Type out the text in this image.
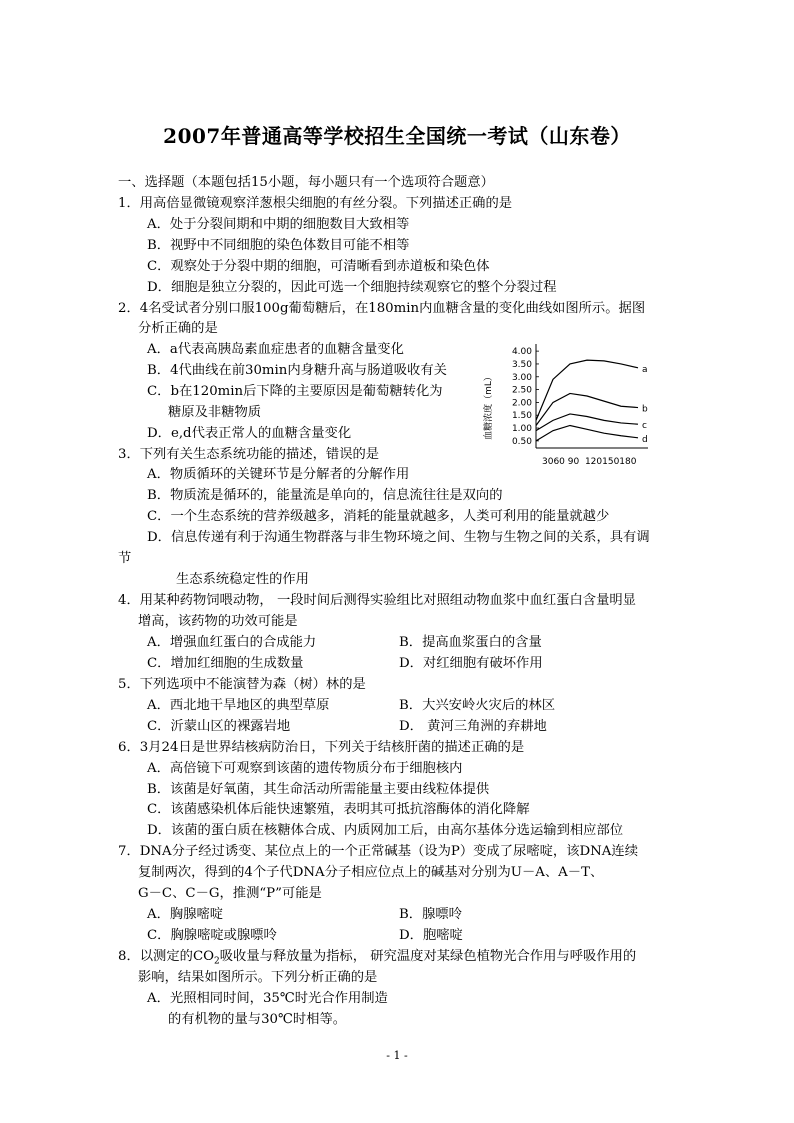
2007年普通高等学校招生全国统一考试（山东卷）
一、选择题（本题包括15小题，每小题只有一个选项符合题意）
1．用高倍显微镜观察洋葱根尖细胞的有丝分裂。下列描述正确的是
A．处于分裂间期和中期的细胞数目大致相等
B．视野中不同细胞的染色体数目可能不相等
C．观察处于分裂中期的细胞，可清晰看到赤道板和染色体
D．细胞是独立分裂的，因此可选一个细胞持续观察它的整个分裂过程
2．4名受试者分别口服100g葡萄糖后，在180min内血糖含量的变化曲线如图所示。据图
分析正确的是
A．a代表高胰岛素血症患者的血糖含量变化
B．4代曲线在前30min内身糖升高与肠道吸收有关
C．b在120min后下降的主要原因是葡萄糖转化为
糖原及非糖物质
D．e,d代表正常人的血糖含量变化	血糖浓度（mL）
4.00
3.50
3.00
2.50
2.00
1.50
1.00
0.50
a
b
c
d
3060 90  120150180
3．下列有关生态系统功能的描述，错误的是
A．物质循环的关键环节是分解者的分解作用
B．物质流是循环的，能量流是单向的，信息流往往是双向的
C．一个生态系统的营养级越多，消耗的能量就越多，人类可利用的能量就越少
D．信息传递有利于沟通生物群落与非生物环境之间、生物与生物之间的关系，具有调
节
生态系统稳定性的作用
4．用某种药物饲喂动物， 一段时间后测得实验组比对照组动物血浆中血红蛋白含量明显
增高，该药物的功效可能是
A．增强血红蛋白的合成能力	B．提高血浆蛋白的含量
C．增加红细胞的生成数量	D．对红细胞有破坏作用
5．下列选项中不能演替为森（树）林的是
A．西北地干旱地区的典型草原	B．大兴安岭火灾后的林区
C．沂蒙山区的裸露岩地	D． 黄河三角洲的弃耕地
6．3月24日是世界结核病防治日，下列关于结核肝菌的描述正确的是
A．高倍镜下可观察到该菌的遗传物质分布于细胞核内
B．该菌是好氧菌，其生命活动所需能量主要由线粒体提供
C．该菌感染机体后能快速繁殖，表明其可抵抗溶酶体的消化降解
D．该菌的蛋白质在核糖体合成、内质网加工后，由高尔基体分选运输到相应部位
7．DNA分子经过诱变、某位点上的一个正常碱基（设为P）变成了尿嘧啶，该DNA连续
复制两次，得到的4个子代DNA分子相应位点上的碱基对分别为U－A、A－T、
G－C、C－G，推测“P”可能是
A．胸腺嘧啶	B．腺嘌呤
C．胸腺嘧啶或腺嘌呤	D．胞嘧啶
8．以测定的$CO_2$吸收量与释放量为指标， 研究温度对某绿色植物光合作用与呼吸作用的
影响，结果如图所示。下列分析正确的是
A．光照相同时间，35℃时光合作用制造
的有机物的量与30℃时相等。
- 1 -
